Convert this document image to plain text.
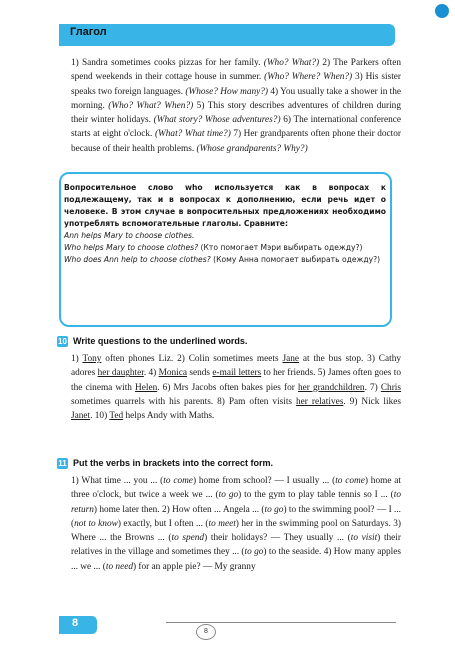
Глагол
1) Sandra sometimes cooks pizzas for her family. (Who? What?) 2) The Parkers often spend weekends in their cottage house in summer. (Who? Where? When?) 3) His sister speaks two foreign languages. (Whose? How many?) 4) You usually take a shower in the morning. (Who? What? When?) 5) This story describes adventures of children during their winter holidays. (What story? Whose adventures?) 6) The international conference starts at eight o'clock. (What? What time?) 7) Her grandparents often phone their doctor because of their health problems. (Whose grandparents? Why?)
Вопросительное слово who используется как в вопросах к подлежащему, так и в вопросах к дополнению, если речь идет о человеке. В этом случае в вопросительных предложениях необходимо употреблять вспомогательные глаголы. Сравните:
Ann helps Mary to choose clothes.
Who helps Mary to choose clothes? (Кто помогает Мэри выбирать одежду?)
Who does Ann help to choose clothes? (Кому Анна помогает выбирать одежду?)
10 Write questions to the underlined words.
1) Tony often phones Liz. 2) Colin sometimes meets Jane at the bus stop. 3) Cathy adores her daughter. 4) Monica sends e-mail letters to her friends. 5) James often goes to the cinema with Helen. 6) Mrs Jacobs often bakes pies for her grandchildren. 7) Chris sometimes quarrels with his parents. 8) Pam often visits her relatives. 9) Nick likes Janet. 10) Ted helps Andy with Maths.
11 Put the verbs in brackets into the correct form.
1) What time ... you ... (to come) home from school? — I usually ... (to come) home at three o'clock, but twice a week we ... (to go) to the gym to play table tennis so I ... (to return) home later then. 2) How often ... Angela ... (to go) to the swimming pool? — I ... (not to know) exactly, but I often ... (to meet) her in the swimming pool on Saturdays. 3) Where ... the Browns ... (to spend) their holidays? — They usually ... (to visit) their relatives in the village and sometimes they ... (to go) to the seaside. 4) How many apples ... we ... (to need) for an apple pie? — My granny
8
8
